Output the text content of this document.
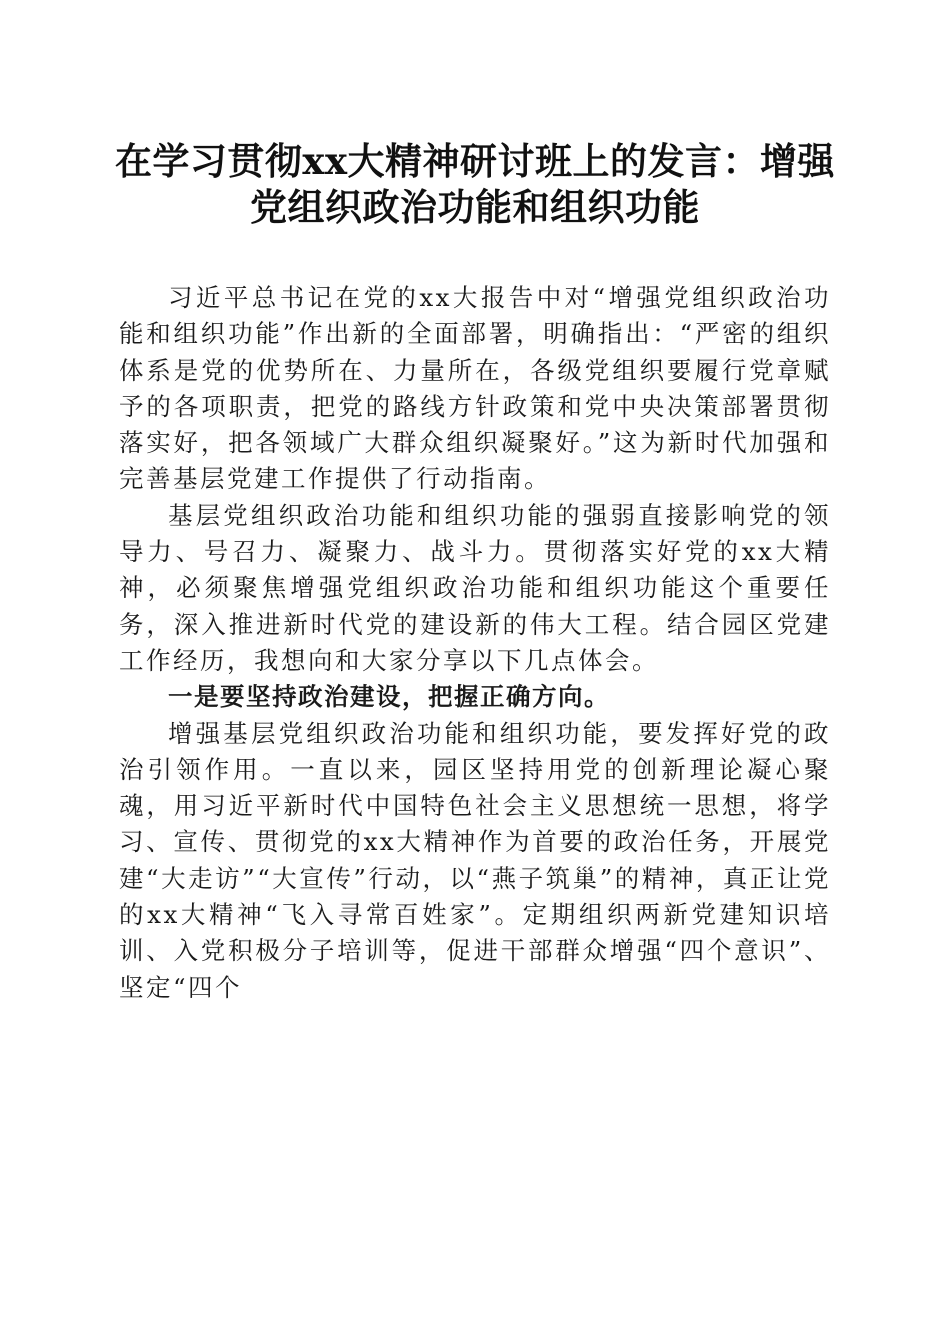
在学习贯彻xx大精神研讨班上的发言：增强党组织政治功能和组织功能

习近平总书记在党的xx大报告中对“增强党组织政治功能和组织功能”作出新的全面部署，明确指出：“严密的组织体系是党的优势所在、力量所在，各级党组织要履行党章赋予的各项职责，把党的路线方针政策和党中央决策部署贯彻落实好，把各领域广大群众组织凝聚好。”这为新时代加强和完善基层党建工作提供了行动指南。

基层党组织政治功能和组织功能的强弱直接影响党的领导力、号召力、凝聚力、战斗力。贯彻落实好党的xx大精神，必须聚焦增强党组织政治功能和组织功能这个重要任务，深入推进新时代党的建设新的伟大工程。结合园区党建工作经历，我想向和大家分享以下几点体会。

一是要坚持政治建设，把握正确方向。

增强基层党组织政治功能和组织功能，要发挥好党的政治引领作用。一直以来，园区坚持用党的创新理论凝心聚魂，用习近平新时代中国特色社会主义思想统一思想，将学习、宣传、贯彻党的xx大精神作为首要的政治任务，开展党建“大走访”“大宣传”行动，以“燕子筑巢”的精神，真正让党的xx大精神“飞入寻常百姓家”。定期组织两新党建知识培训、入党积极分子培训等，促进干部群众增强“四个意识”、坚定“四个
